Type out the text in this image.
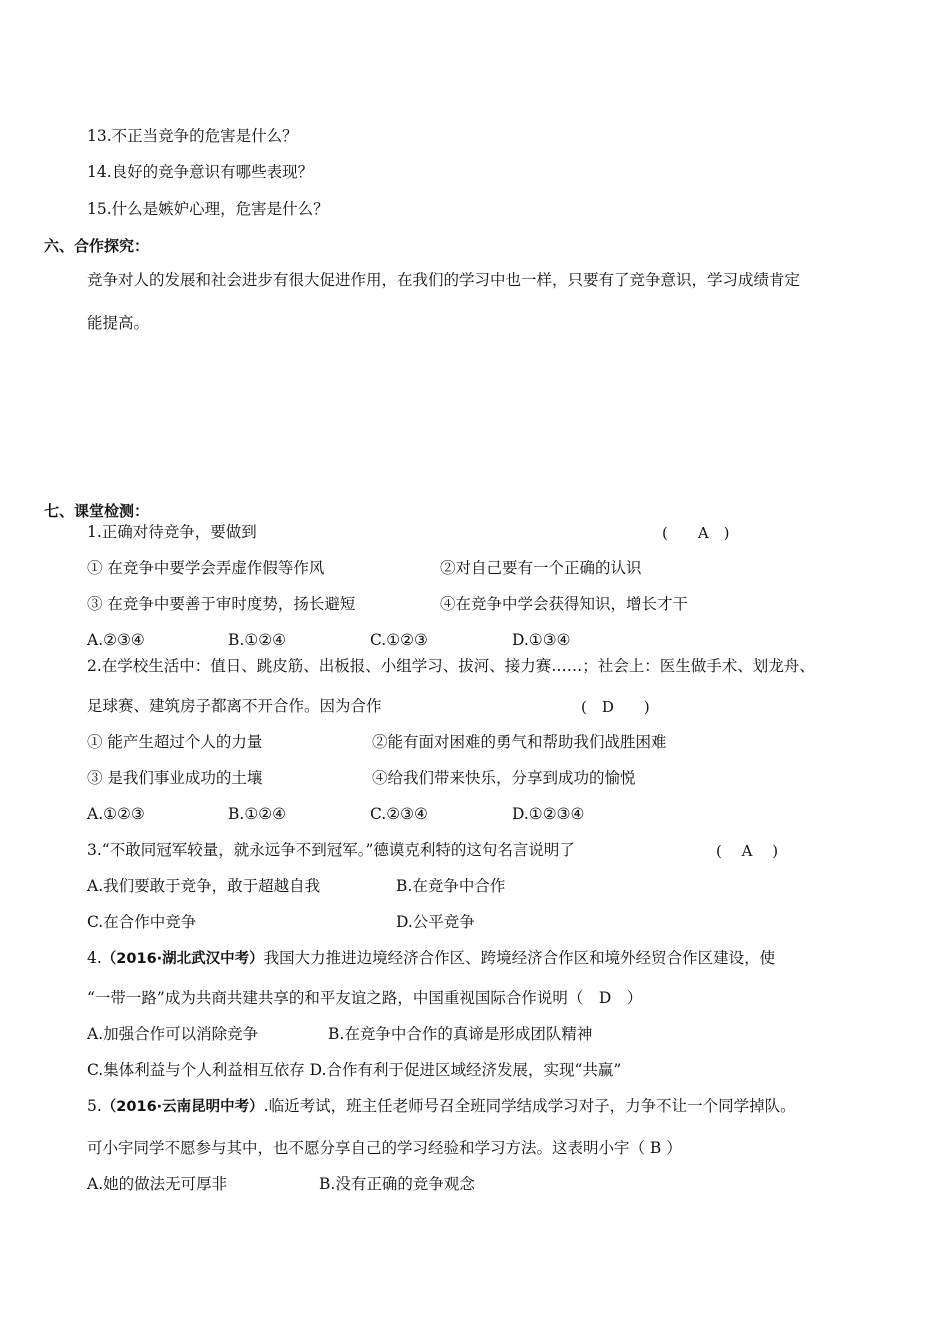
13.不正当竞争的危害是什么？
14.良好的竞争意识有哪些表现？
15.什么是嫉妒心理，危害是什么？
六、合作探究：
竞争对人的发展和社会进步有很大促进作用，在我们的学习中也一样，只要有了竞争意识，学习成绩肯定
能提高。
七、课堂检测：
1.正确对待竞争，要做到	(　　A　)
① 在竞争中要学会弄虚作假等作风	②对自己要有一个正确的认识
③ 在竞争中要善于审时度势，扬长避短	④在竞争中学会获得知识，增长才干
A.②③④	B.①②④	C.①②③	D.①③④
2.在学校生活中：值日、跳皮筋、出板报、小组学习、拔河、接力赛……；社会上：医生做手术、划龙舟、
足球赛、建筑房子都离不开合作。因为合作	(　D　　)
① 能产生超过个人的力量	②能有面对困难的勇气和帮助我们战胜困难
③ 是我们事业成功的土壤	④给我们带来快乐，分享到成功的愉悦
A.①②③	B.①②④	C.②③④	D.①②③④
3.“不敢同冠军较量，就永远争不到冠军。”德谟克利特的这句名言说明了	(　 A　 )
A.我们要敢于竞争，敢于超越自我	B.在竞争中合作
C.在合作中竞争	D.公平竞争
4.（2016·湖北武汉中考）我国大力推进边境经济合作区、跨境经济合作区和境外经贸合作区建设，使
“一带一路”成为共商共建共享的和平友谊之路，中国重视国际合作说明（　D　）
A.加强合作可以消除竞争	B.在竞争中合作的真谛是形成团队精神
C.集体利益与个人利益相互依存 D.合作有利于促进区域经济发展，实现“共赢”
5.（2016·云南昆明中考）.临近考试，班主任老师号召全班同学结成学习对子，力争不让一个同学掉队。
可小宇同学不愿参与其中，也不愿分享自己的学习经验和学习方法。这表明小宇（ B ）
A.她的做法无可厚非	B.没有正确的竞争观念
